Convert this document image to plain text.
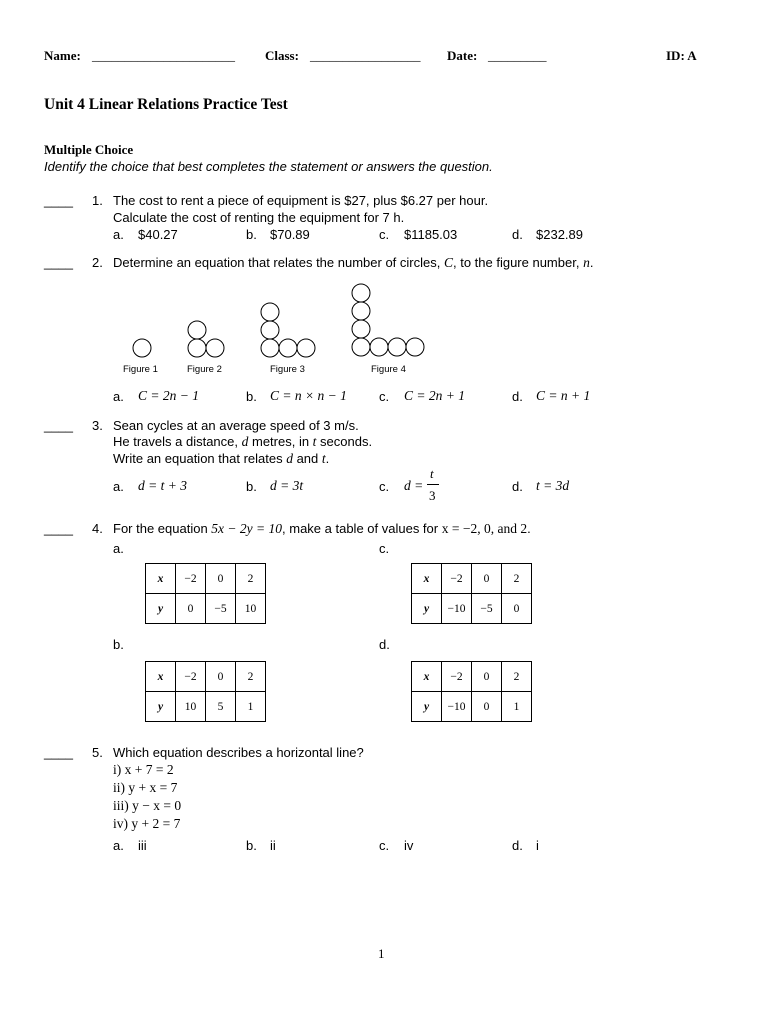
Name: ______________________ Class: _________________ Date: _________	ID: A
Unit 4 Linear Relations Practice Test
Multiple Choice
Identify the choice that best completes the statement or answers the question.
____ 1. The cost to rent a piece of equipment is $27, plus $6.27 per hour.
Calculate the cost of renting the equipment for 7 h.
a. $40.27	b. $70.89	c. $1185.03	d. $232.89
____ 2. Determine an equation that relates the number of circles, C, to the figure number, n.
Figure 1	Figure 2	Figure 3	Figure 4
a. C = 2n − 1	b. C = n × n − 1 c. C = 2n + 1	d. C = n + 1
____ 3. Sean cycles at an average speed of 3 m/s.
He travels a distance, d metres, in t seconds.
Write an equation that relates d and t.
a. d = t + 3	b. d = 3t	c. d =
t
3
d. t = 3d
____ 4. For the equation 5x − 2y = 10, make a table of values for x = −2, 0, and 2.
a.	c.
x	−2	0	2
y	0	−5	10
x	−2	0	2
y	−10	−5	0
b.	d.
x	−2	0	2
y	10	5	1
x	−2	0	2
y	−10	0	1
____ 5. Which equation describes a horizontal line?
i) x + 7 = 2
ii) y + x = 7
iii) y − x = 0
iv) y + 2 = 7
a. iii	b. ii	c. iv	d. i
1
